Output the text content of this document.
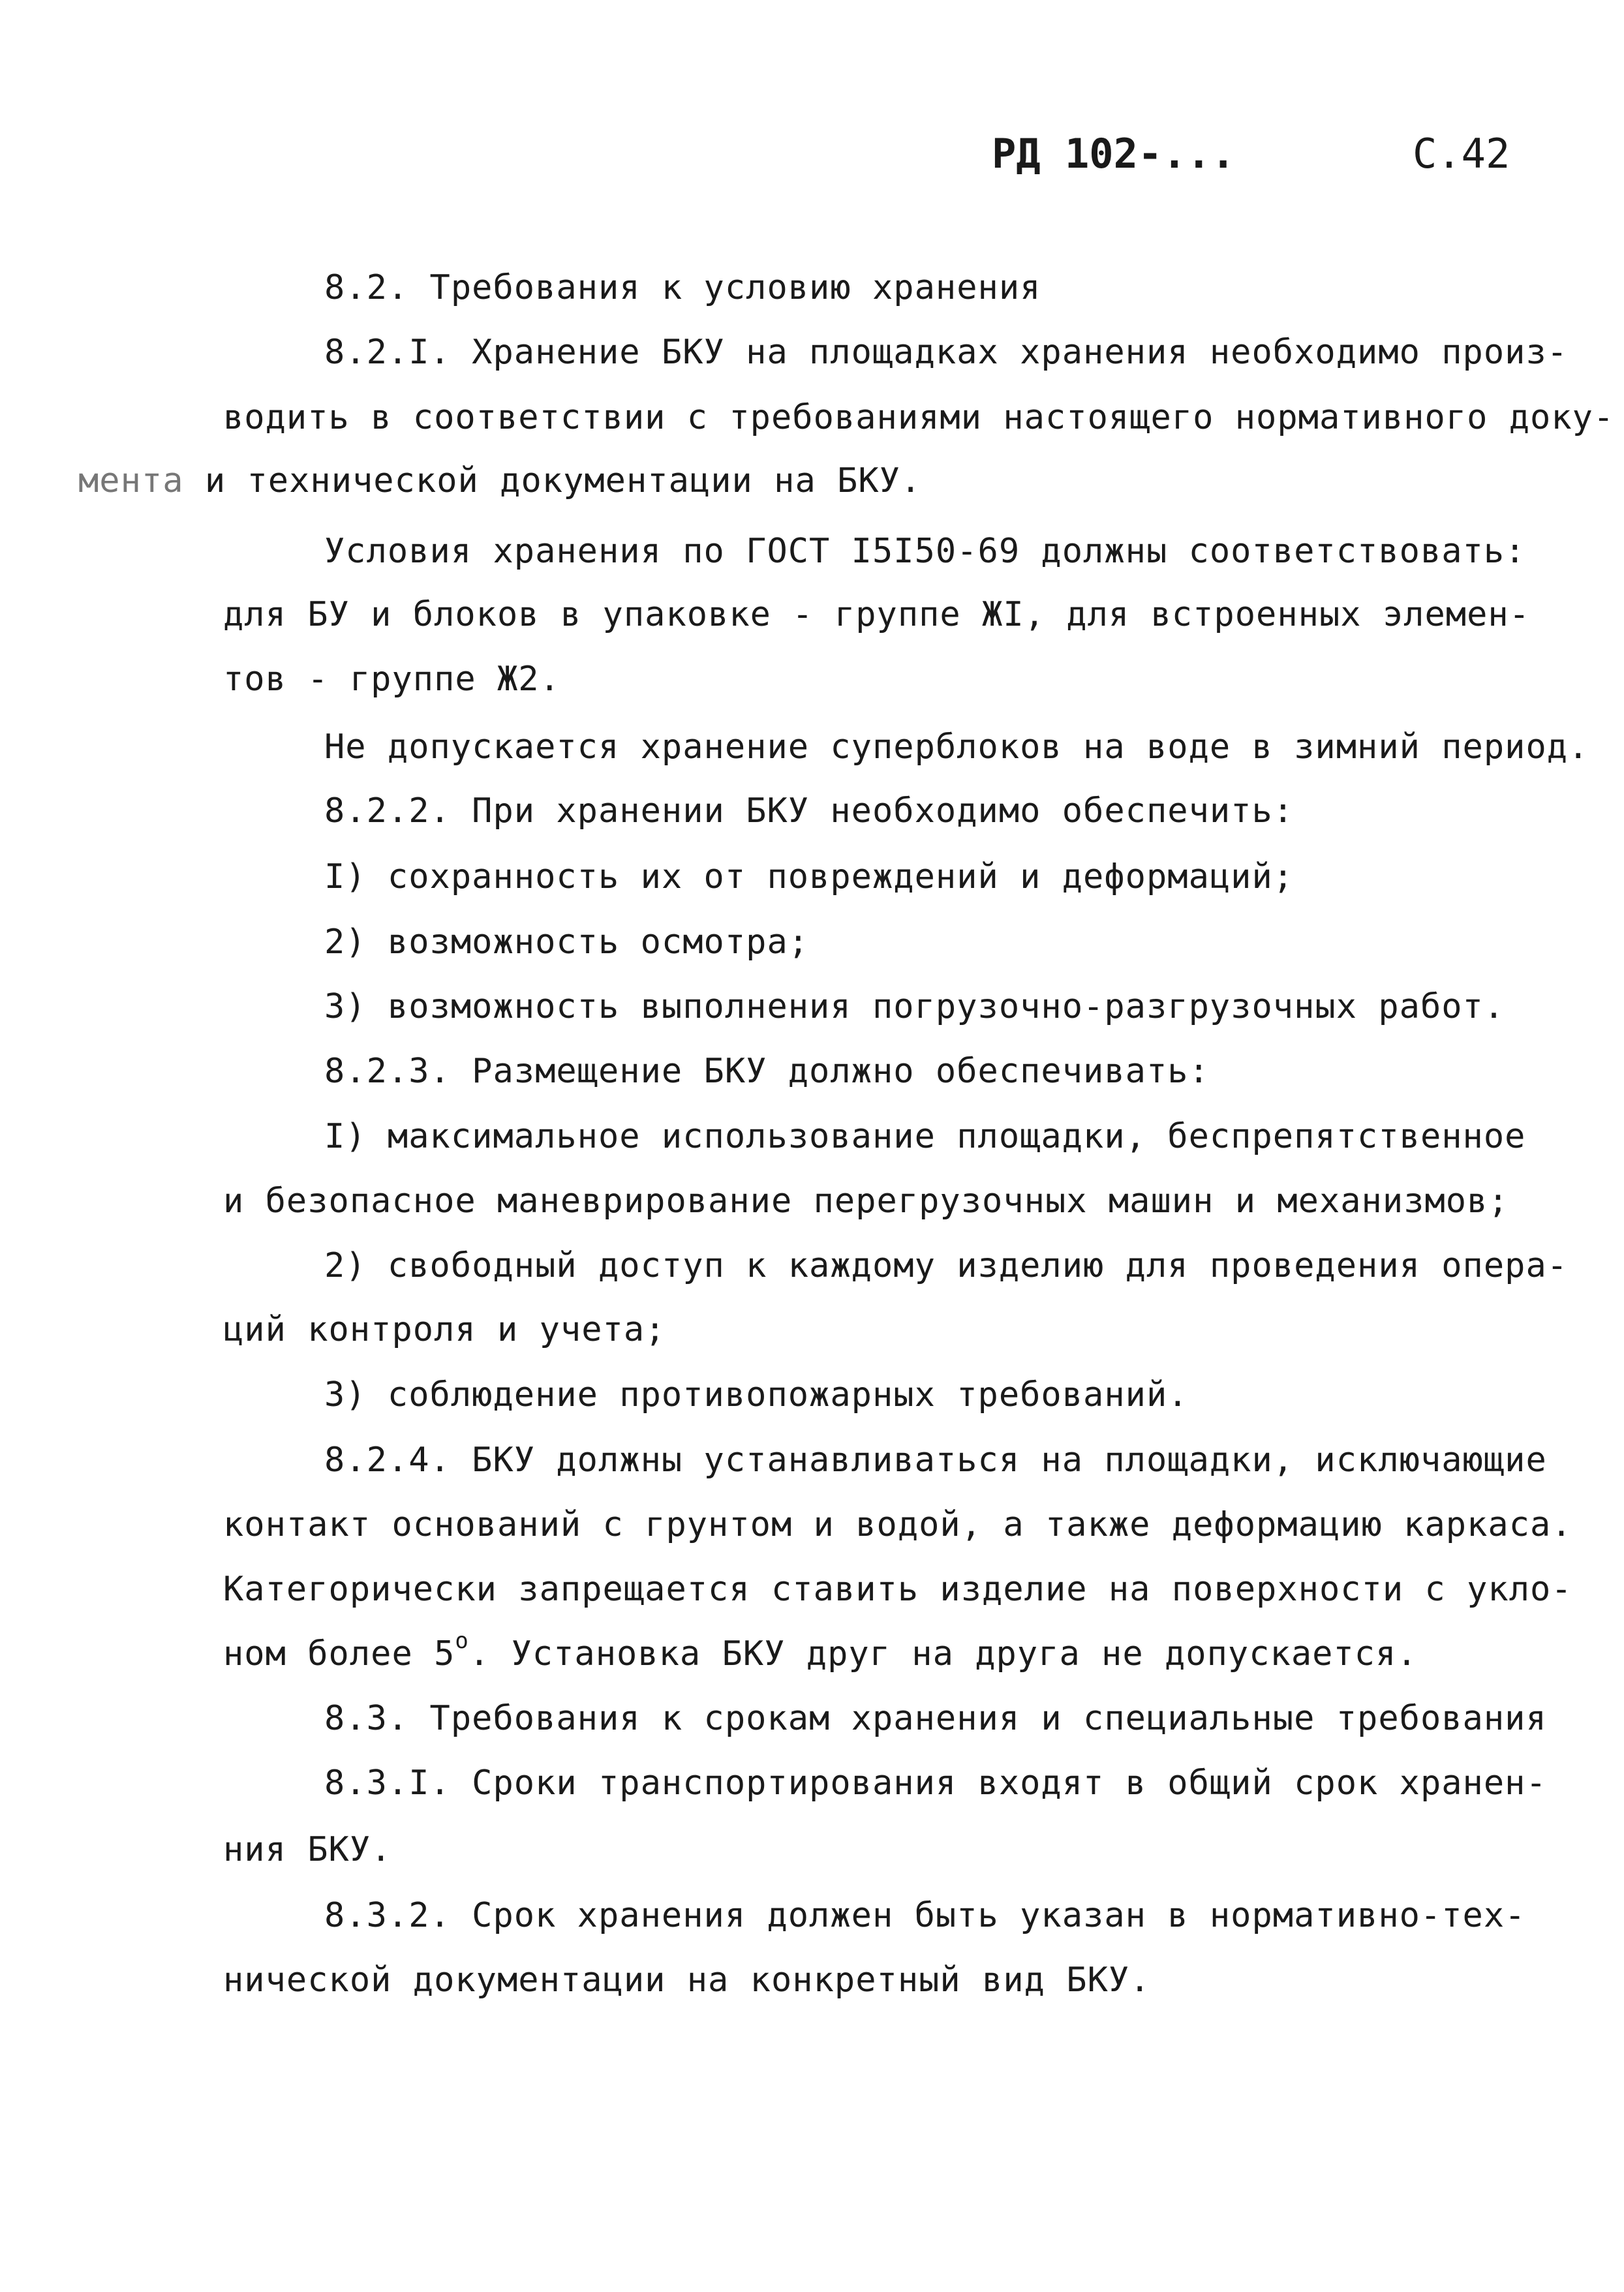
РД 102-...	С.42
8.2. Требования к условию хранения
8.2.I. Хранение БКУ на площадках хранения необходимо произ-
водить в соответствии с требованиями настоящего нормативного доку-
мента и технической документации на БКУ.
Условия хранения по ГОСТ I5I50-69 должны соответствовать:
для БУ и блоков в упаковке - группе ЖI, для встроенных элемен-
тов - группе Ж2.
Не допускается хранение суперблоков на воде в зимний период.
8.2.2. При хранении БКУ необходимо обеспечить:
I) сохранность их от повреждений и деформаций;
2) возможность осмотра;
3) возможность выполнения погрузочно-разгрузочных работ.
8.2.3. Размещение БКУ должно обеспечивать:
I) максимальное использование площадки, беспрепятственное
и безопасное маневрирование перегрузочных машин и механизмов;
2) свободный доступ к каждому изделию для проведения опера-
ций контроля и учета;
3) соблюдение противопожарных требований.
8.2.4. БКУ должны устанавливаться на площадки, исключающие
контакт оснований с грунтом и водой, а также деформацию каркаса.
Категорически запрещается ставить изделие на поверхности с укло-
ном более $5^о$. Установка БКУ друг на друга не допускается.
8.3. Требования к срокам хранения и специальные требования
8.3.I. Сроки транспортирования входят в общий срок хранен-
ния БКУ.
8.3.2. Срок хранения должен быть указан в нормативно-тех-
нической документации на конкретный вид БКУ.
